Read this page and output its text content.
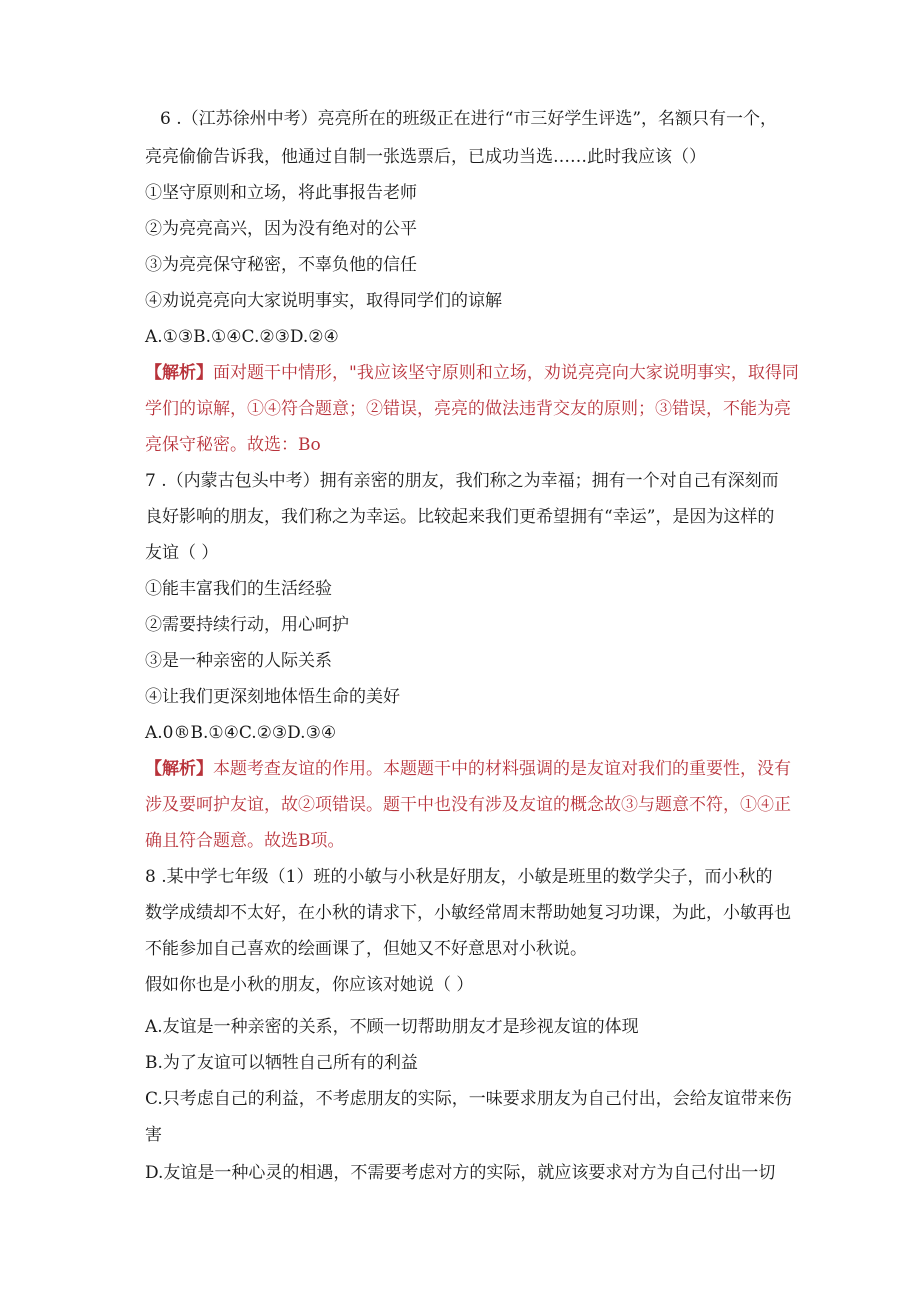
6 .（江苏徐州中考）亮亮所在的班级正在进行“市三好学生评选”，名额只有一个，
亮亮偷偷告诉我，他通过自制一张选票后，已成功当选……此时我应该（）
①坚守原则和立场，将此事报告老师
②为亮亮高兴，因为没有绝对的公平
③为亮亮保守秘密，不辜负他的信任
④劝说亮亮向大家说明事实，取得同学们的谅解
A.①③B.①④C.②③D.②④
【解析】面对题干中情形，"我应该坚守原则和立场，劝说亮亮向大家说明事实，取得同
学们的谅解，①④符合题意；②错误，亮亮的做法违背交友的原则；③错误，不能为亮
亮保守秘密。故选：Bo
7 .（内蒙古包头中考）拥有亲密的朋友，我们称之为幸福；拥有一个对自己有深刻而
良好影响的朋友，我们称之为幸运。比较起来我们更希望拥有“幸运”，是因为这样的
友谊（ ）
①能丰富我们的生活经验
②需要持续行动，用心呵护
③是一种亲密的人际关系
④让我们更深刻地体悟生命的美好
A.0®B.①④C.②③D.③④
【解析】本题考查友谊的作用。本题题干中的材料强调的是友谊对我们的重要性，没有
涉及要呵护友谊，故②项错误。题干中也没有涉及友谊的概念故③与题意不符，①④正
确且符合题意。故选B项。
8 .某中学七年级（1）班的小敏与小秋是好朋友，小敏是班里的数学尖子，而小秋的
数学成绩却不太好，在小秋的请求下，小敏经常周末帮助她复习功课，为此，小敏再也
不能参加自己喜欢的绘画课了，但她又不好意思对小秋说。
假如你也是小秋的朋友，你应该对她说（ ）
A.友谊是一种亲密的关系，不顾一切帮助朋友才是珍视友谊的体现
B.为了友谊可以牺牲自己所有的利益
C.只考虑自己的利益，不考虑朋友的实际，一味要求朋友为自己付出，会给友谊带来伤
害
D.友谊是一种心灵的相遇，不需要考虑对方的实际，就应该要求对方为自己付出一切
